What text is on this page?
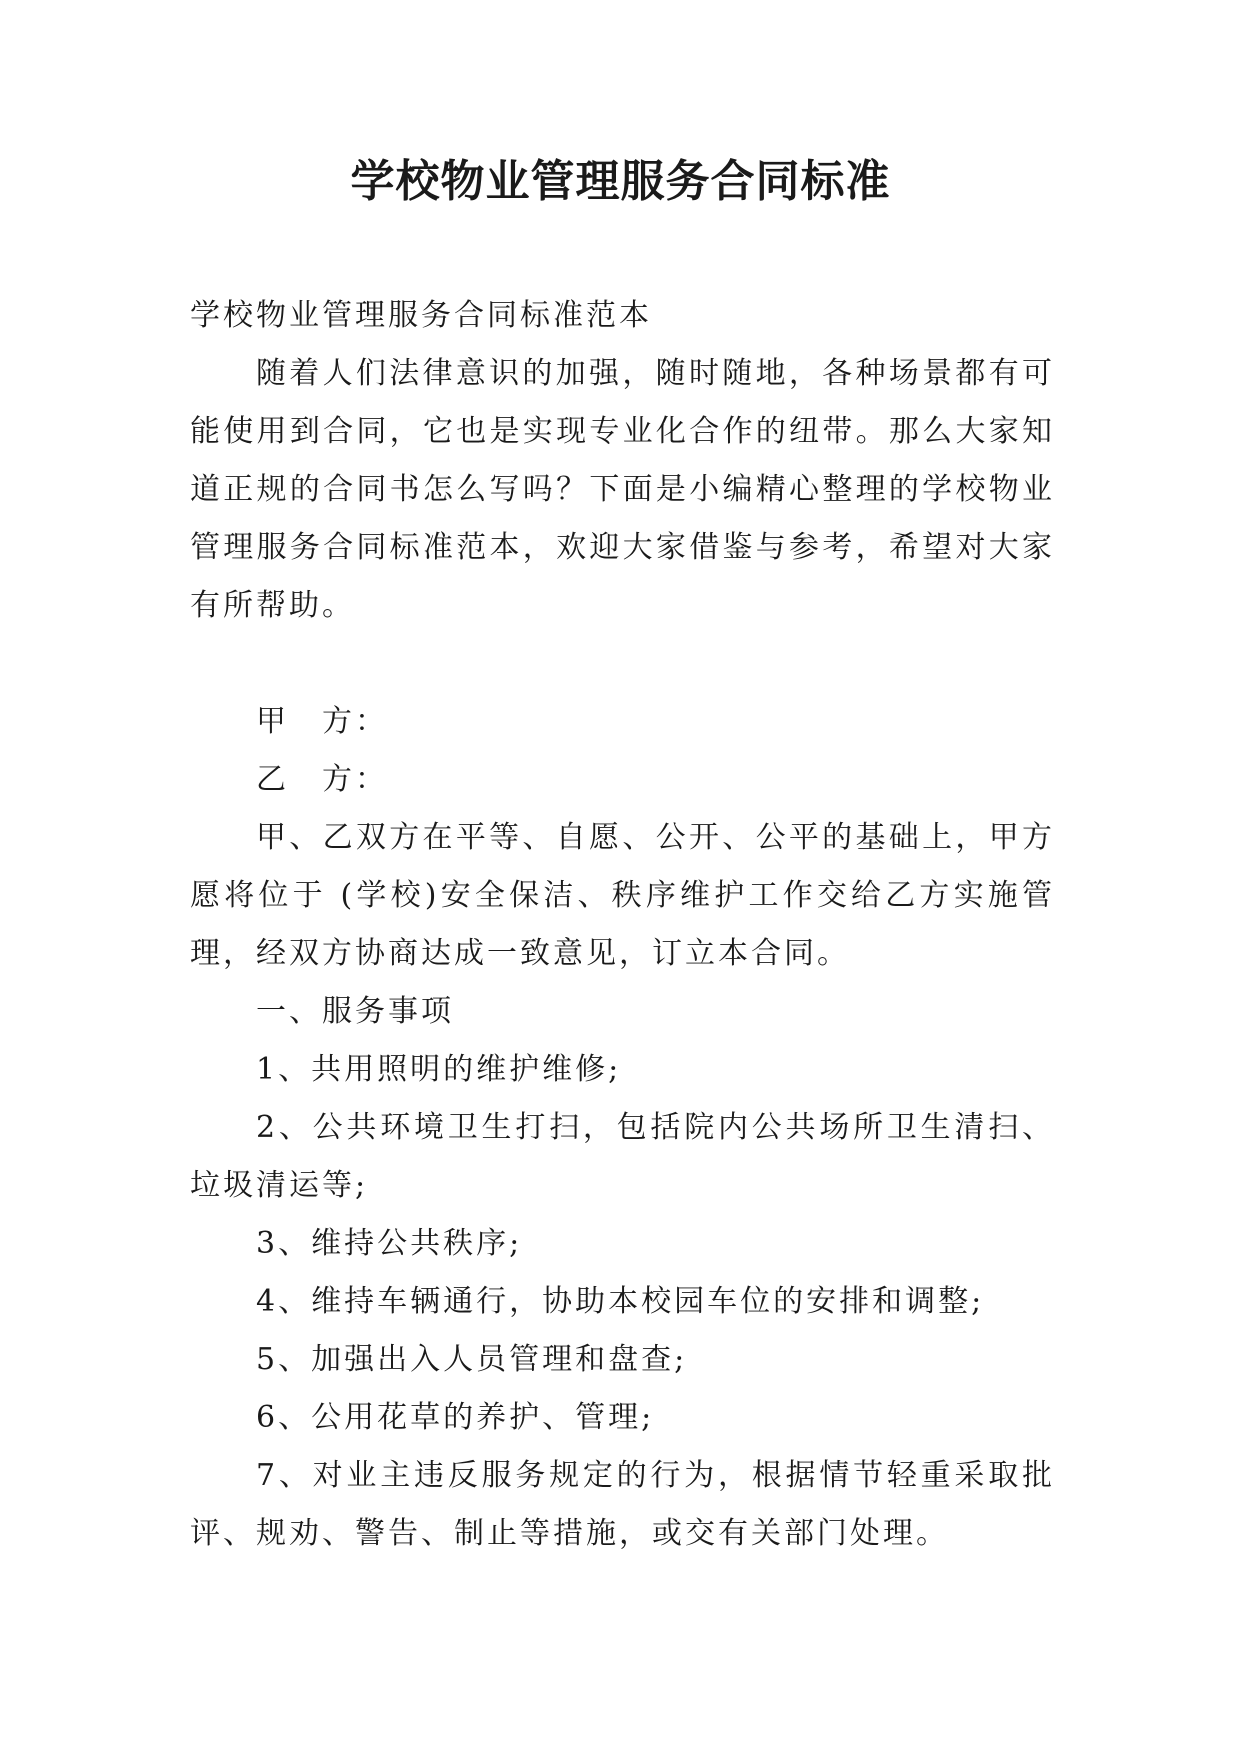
学校物业管理服务合同标准

学校物业管理服务合同标准范本

随着人们法律意识的加强，随时随地，各种场景都有可能使用到合同，它也是实现专业化合作的纽带。那么大家知道正规的合同书怎么写吗？下面是小编精心整理的学校物业管理服务合同标准范本，欢迎大家借鉴与参考，希望对大家有所帮助。

甲　方：

乙　方：

甲、乙双方在平等、自愿、公开、公平的基础上，甲方愿将位于 (学校)安全保洁、秩序维护工作交给乙方实施管理，经双方协商达成一致意见，订立本合同。

一、服务事项

1、共用照明的维护维修;

2、公共环境卫生打扫，包括院内公共场所卫生清扫、垃圾清运等;

3、维持公共秩序;

4、维持车辆通行，协助本校园车位的安排和调整;

5、加强出入人员管理和盘查;

6、公用花草的养护、管理;

7、对业主违反服务规定的行为，根据情节轻重采取批评、规劝、警告、制止等措施，或交有关部门处理。
